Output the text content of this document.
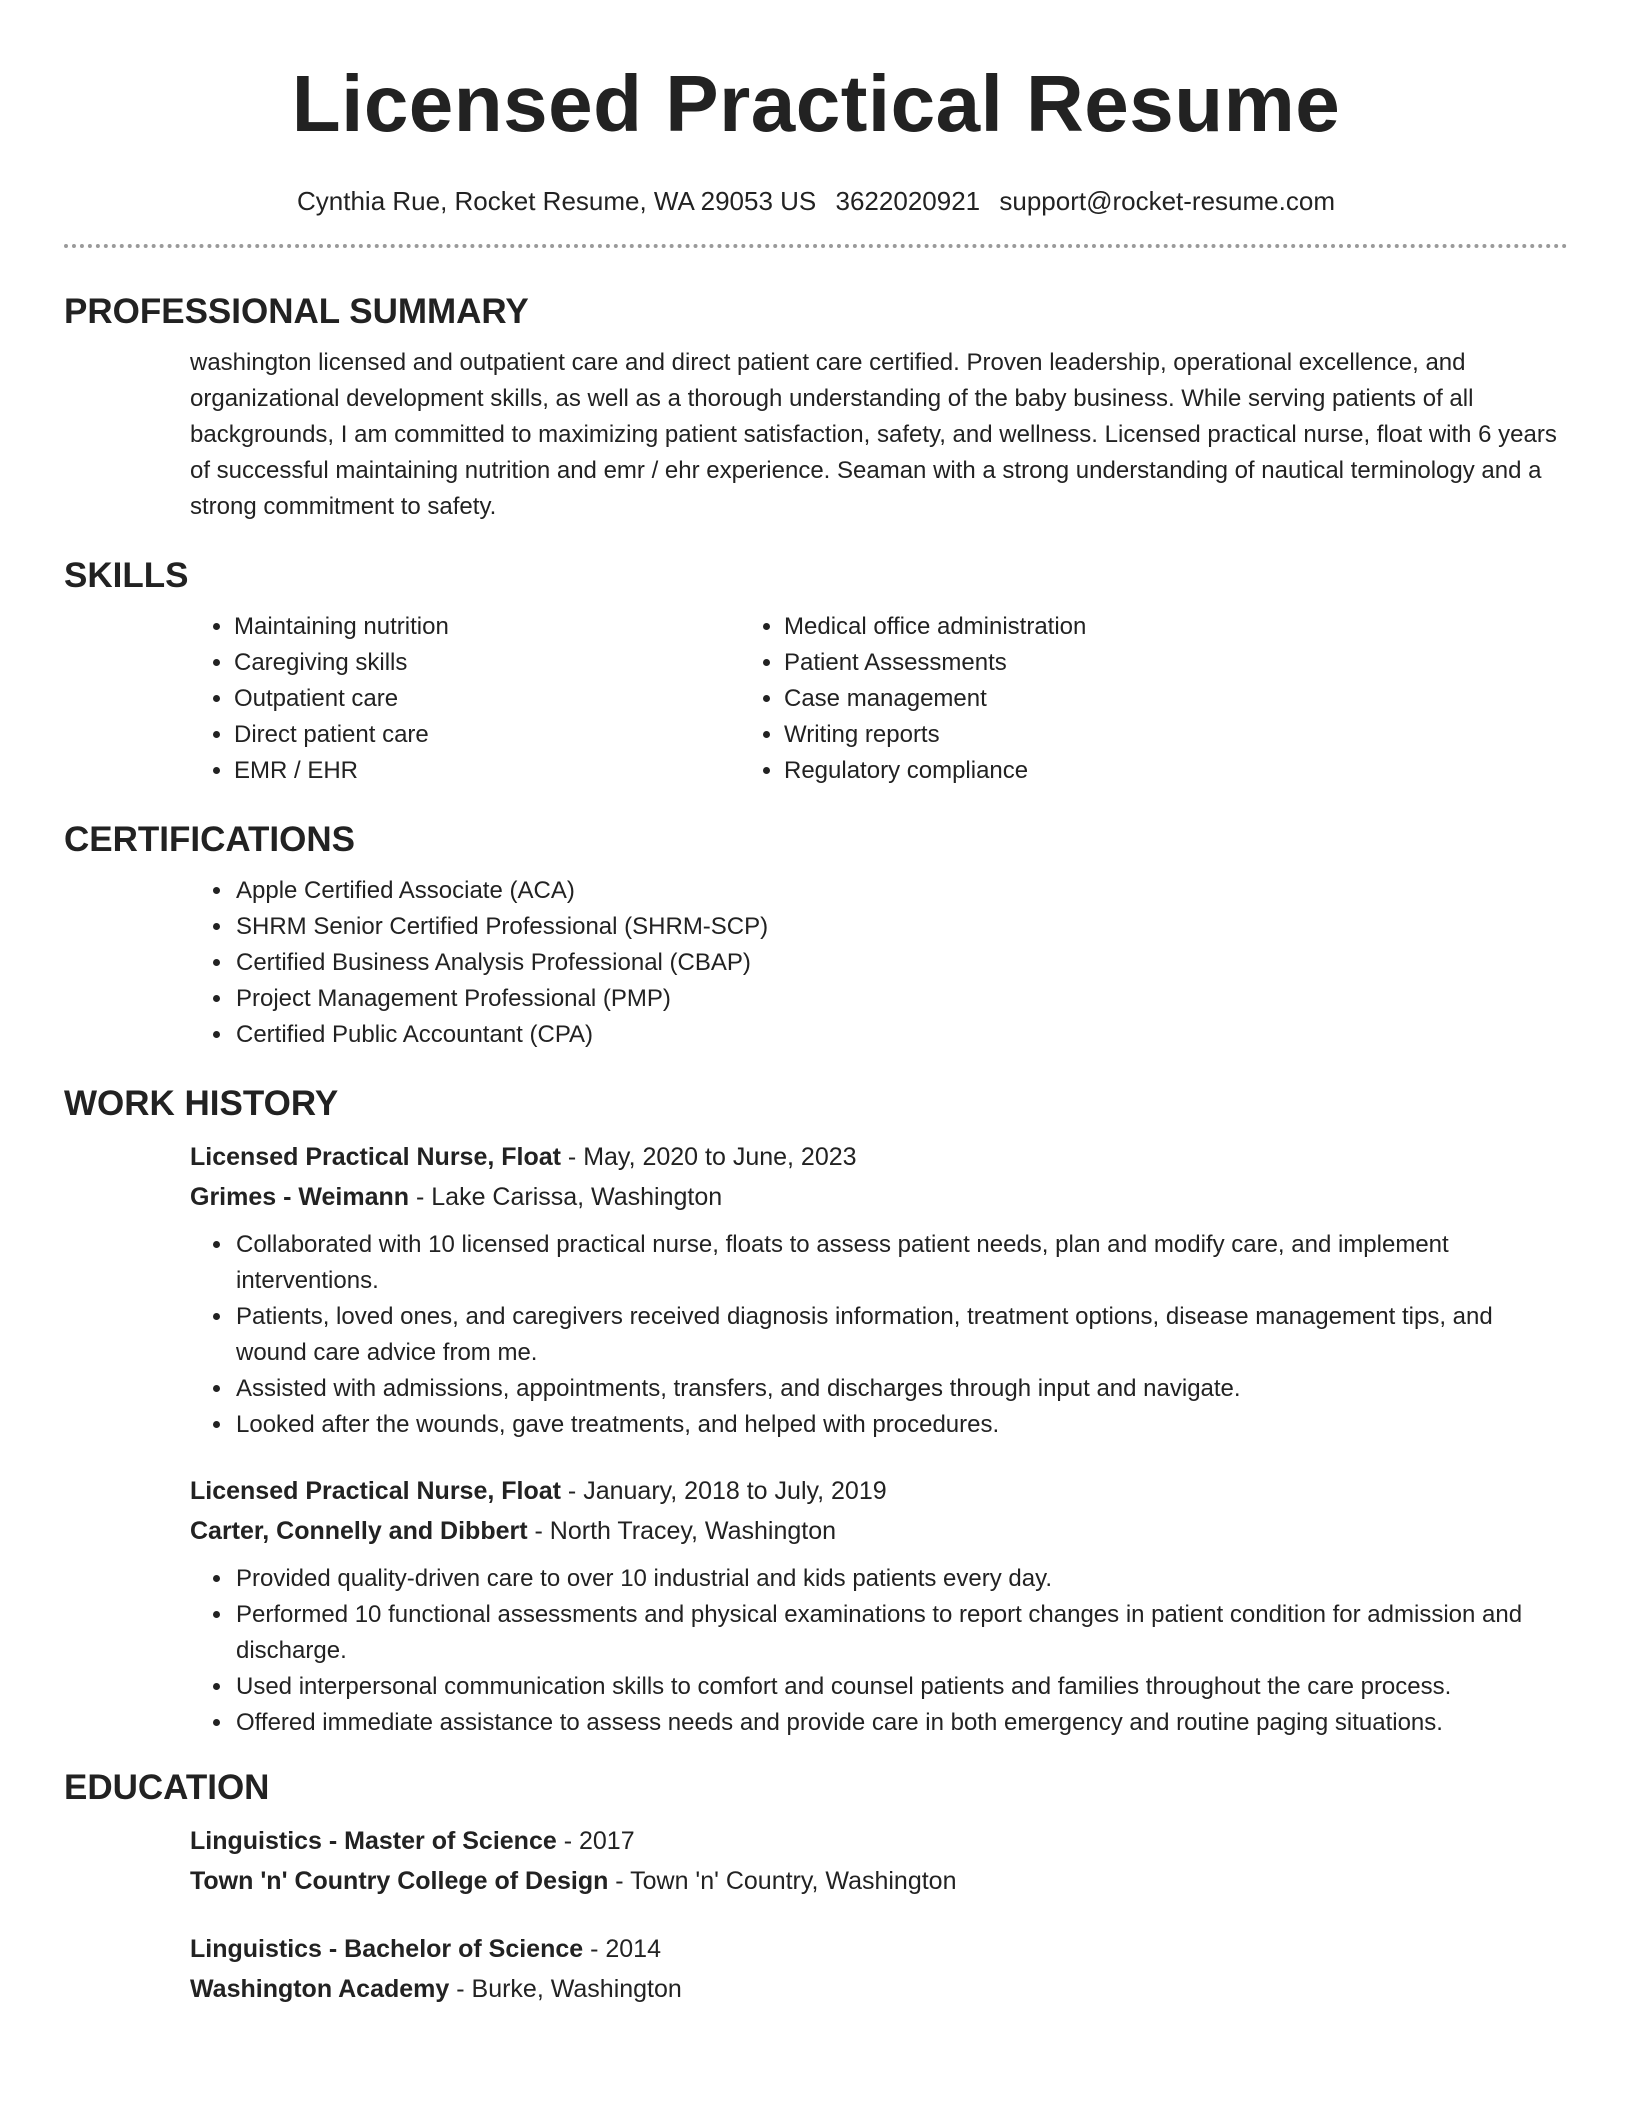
Licensed Practical Resume
Cynthia Rue, Rocket Resume, WA 29053 US 3622020921 support@rocket-resume.com
PROFESSIONAL SUMMARY

washington licensed and outpatient care and direct patient care certified. Proven leadership, operational excellence, and organizational development skills, as well as a thorough understanding of the baby business. While serving patients of all backgrounds, I am committed to maximizing patient satisfaction, safety, and wellness. Licensed practical nurse, float with 6 years of successful maintaining nutrition and emr / ehr experience. Seaman with a strong understanding of nautical terminology and a strong commitment to safety.

SKILLS
• Maintaining nutrition
• Caregiving skills
• Outpatient care
• Direct patient care
• EMR / EHR
• Medical office administration
• Patient Assessments
• Case management
• Writing reports
• Regulatory compliance
CERTIFICATIONS
• Apple Certified Associate (ACA)
• SHRM Senior Certified Professional (SHRM-SCP)
• Certified Business Analysis Professional (CBAP)
• Project Management Professional (PMP)
• Certified Public Accountant (CPA)
WORK HISTORY
Licensed Practical Nurse, Float - May, 2020 to June, 2023
Grimes - Weimann - Lake Carissa, Washington
• Collaborated with 10 licensed practical nurse, floats to assess patient needs, plan and modify care, and implement interventions.
• Patients, loved ones, and caregivers received diagnosis information, treatment options, disease management tips, and wound care advice from me.
• Assisted with admissions, appointments, transfers, and discharges through input and navigate.
• Looked after the wounds, gave treatments, and helped with procedures.
Licensed Practical Nurse, Float - January, 2018 to July, 2019
Carter, Connelly and Dibbert - North Tracey, Washington
• Provided quality-driven care to over 10 industrial and kids patients every day.
• Performed 10 functional assessments and physical examinations to report changes in patient condition for admission and discharge.
• Used interpersonal communication skills to comfort and counsel patients and families throughout the care process.
• Offered immediate assistance to assess needs and provide care in both emergency and routine paging situations.
EDUCATION
Linguistics - Master of Science - 2017
Town 'n' Country College of Design - Town 'n' Country, Washington
Linguistics - Bachelor of Science - 2014
Washington Academy - Burke, Washington
